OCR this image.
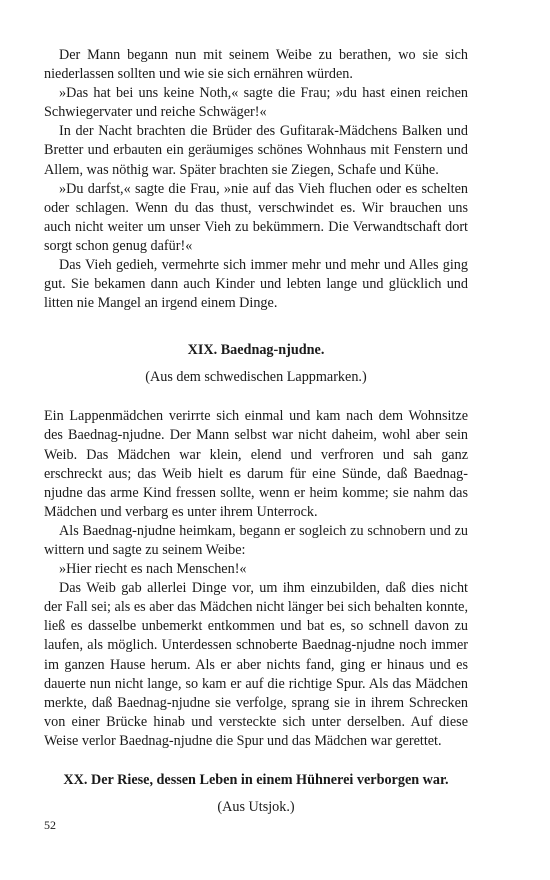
Der Mann begann nun mit seinem Weibe zu berathen, wo sie sich niederlassen sollten und wie sie sich ernähren würden.

»Das hat bei uns keine Noth,« sagte die Frau; »du hast einen reichen Schwiegervater und reiche Schwäger!«

In der Nacht brachten die Brüder des Gufitarak-Mädchens Balken und Bretter und erbauten ein geräumiges schönes Wohnhaus mit Fenstern und Allem, was nöthig war. Später brachten sie Ziegen, Schafe und Kühe.

»Du darfst,« sagte die Frau, »nie auf das Vieh fluchen oder es schelten oder schlagen. Wenn du das thust, verschwindet es. Wir brauchen uns auch nicht weiter um unser Vieh zu bekümmern. Die Verwandtschaft dort sorgt schon genug dafür!«

Das Vieh gedieh, vermehrte sich immer mehr und mehr und Alles ging gut. Sie bekamen dann auch Kinder und lebten lange und glücklich und litten nie Mangel an irgend einem Dinge.

XIX. Baednag-njudne.

(Aus dem schwedischen Lappmarken.)

Ein Lappenmädchen verirrte sich einmal und kam nach dem Wohnsitze des Baednag-njudne. Der Mann selbst war nicht daheim, wohl aber sein Weib. Das Mädchen war klein, elend und verfroren und sah ganz erschreckt aus; das Weib hielt es darum für eine Sünde, daß Baednag-njudne das arme Kind fressen sollte, wenn er heim komme; sie nahm das Mädchen und verbarg es unter ihrem Unterrock.

Als Baednag-njudne heimkam, begann er sogleich zu schnobern und zu wittern und sagte zu seinem Weibe:

»Hier riecht es nach Menschen!«

Das Weib gab allerlei Dinge vor, um ihm einzubilden, daß dies nicht der Fall sei; als es aber das Mädchen nicht länger bei sich behalten konnte, ließ es dasselbe unbemerkt entkommen und bat es, so schnell davon zu laufen, als möglich. Unterdessen schnoberte Baednag-njudne noch immer im ganzen Hause herum. Als er aber nichts fand, ging er hinaus und es dauerte nun nicht lange, so kam er auf die richtige Spur. Als das Mädchen merkte, daß Baednag-njudne sie verfolge, sprang sie in ihrem Schrecken von einer Brücke hinab und versteckte sich unter derselben. Auf diese Weise verlor Baednag-njudne die Spur und das Mädchen war gerettet.

XX. Der Riese, dessen Leben in einem Hühnerei verborgen war.

(Aus Utsjok.)

52
